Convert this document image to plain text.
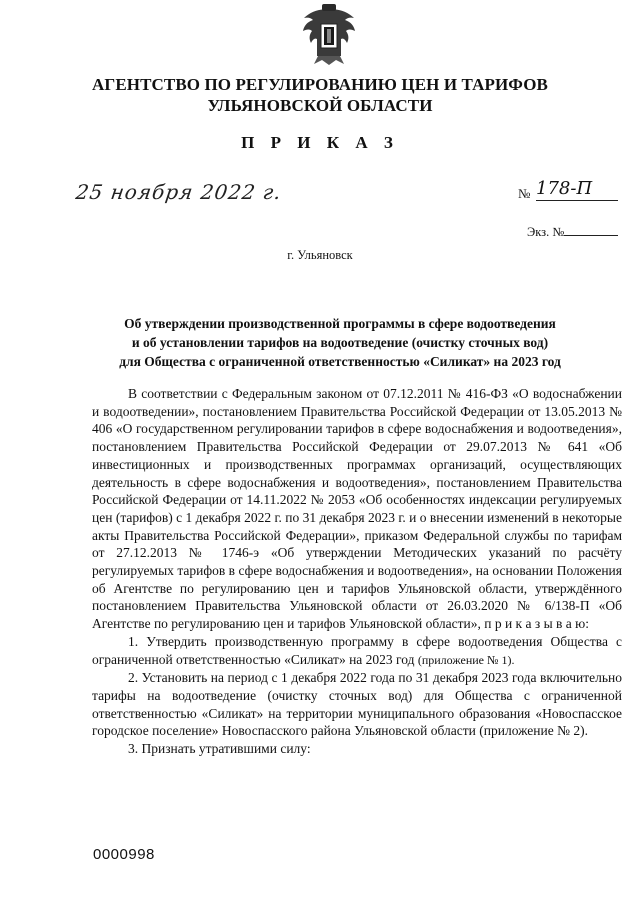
АГЕНТСТВО ПО РЕГУЛИРОВАНИЮ ЦЕН И ТАРИФОВ
УЛЬЯНОВСКОЙ ОБЛАСТИ
П Р И К А З
25 ноября 2022 г.	№ 178-П
Экз. №
г. Ульяновск
Об утверждении производственной программы в сфере водоотведения
и об установлении тарифов на водоотведение (очистку сточных вод)
для Общества с ограниченной ответственностью «Силикат» на 2023 год

В соответствии с Федеральным законом от 07.12.2011 № 416-ФЗ «О водоснабжении и водоотведении», постановлением Правительства Российской Федерации от 13.05.2013 № 406 «О государственном регулировании тарифов в сфере водоснабжения и водоотведения», постановлением Правительства Российской Федерации от 29.07.2013 № 641 «Об инвестиционных и производственных программах организаций, осуществляющих деятельность в сфере водоснабжения и водоотведения», постановлением Правительства Российской Федерации от 14.11.2022 № 2053 «Об особенностях индексации регулируемых цен (тарифов) с 1 декабря 2022 г. по 31 декабря 2023 г. и о внесении изменений в некоторые акты Правительства Российской Федерации», приказом Федеральной службы по тарифам от 27.12.2013 № 1746-э «Об утверждении Методических указаний по расчёту регулируемых тарифов в сфере водоснабжения и водоотведения», на основании Положения об Агентстве по регулированию цен и тарифов Ульяновской области, утверждённого постановлением Правительства Ульяновской области от 26.03.2020 № 6/138-П «Об Агентстве по регулированию цен и тарифов Ульяновской области», п р и к а з ы в а ю:

1. Утвердить производственную программу в сфере водоотведения Общества с ограниченной ответственностью «Силикат» на 2023 год (приложение № 1).

2. Установить на период с 1 декабря 2022 года по 31 декабря 2023 года включительно тарифы на водоотведение (очистку сточных вод) для Общества с ограниченной ответственностью «Силикат» на территории муниципального образования «Новоспасское городское поселение» Новоспасского района Ульяновской области (приложение № 2).

3. Признать утратившими силу:

0000998
